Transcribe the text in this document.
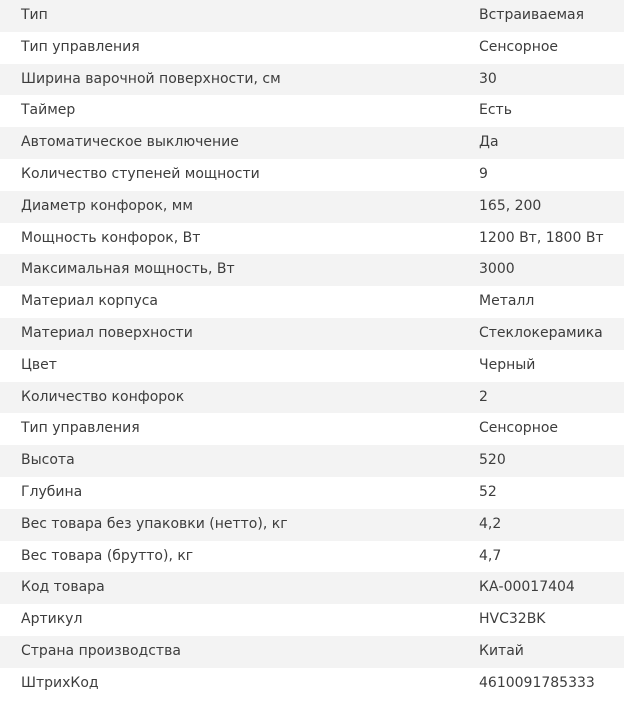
Тип	Встраиваемая
Тип управления	Сенсорное
Ширина варочной поверхности, см	30
Таймер	Есть
Автоматическое выключение	Да
Количество ступеней мощности	9
Диаметр конфорок, мм	165, 200
Мощность конфорок, Вт	1200 Вт, 1800 Вт
Максимальная мощность, Вт	3000
Материал корпуса	Металл
Материал поверхности	Стеклокерамика
Цвет	Черный
Количество конфорок	2
Тип управления	Сенсорное
Высота	520
Глубина	52
Вес товара без упаковки (нетто), кг	4,2
Вес товара (брутто), кг	4,7
Код товара	КА-00017404
Артикул	HVC32BK
Страна производства	Китай
ШтрихКод	4610091785333
